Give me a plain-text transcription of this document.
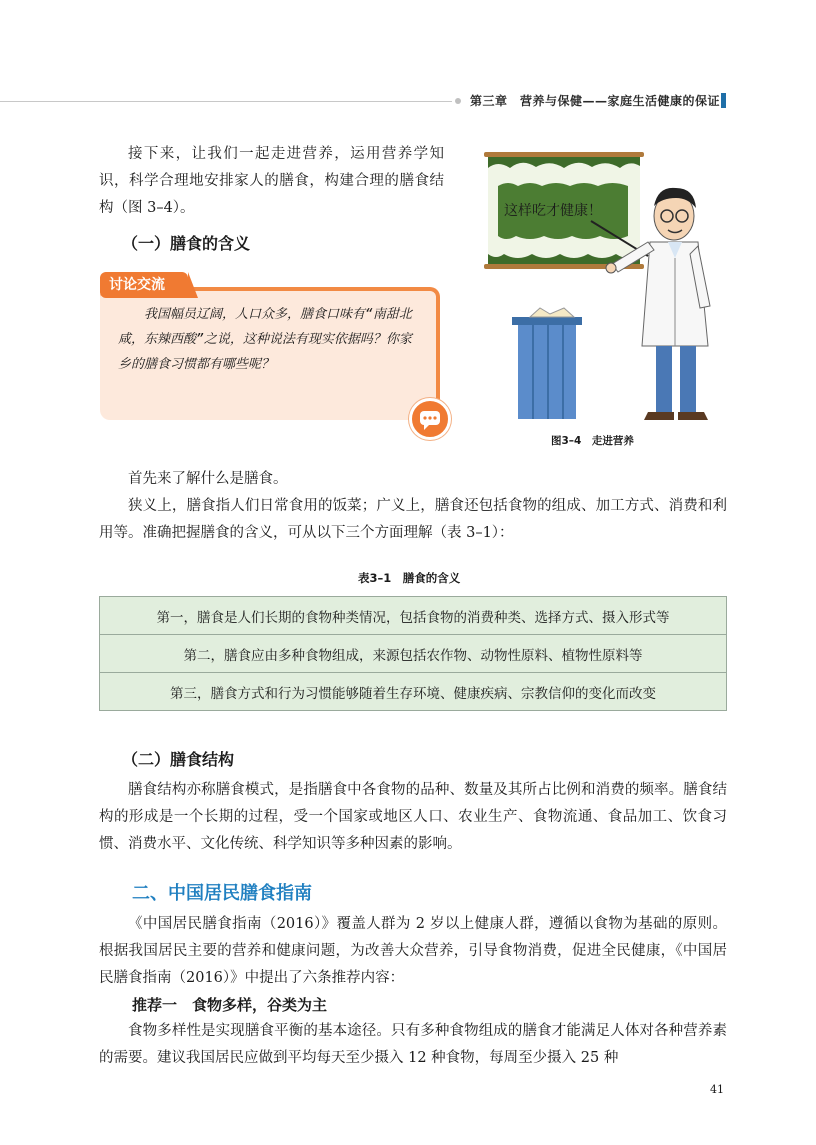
第三章　营养与保健——家庭生活健康的保证

接下来，让我们一起走进营养，运用营养学知识，科学合理地安排家人的膳食，构建合理的膳食结构（图 3–4）。

（一）膳食的含义
讨论交流

我国幅员辽阔，人口众多，膳食口味有“南甜北咸，东辣西酸”之说，这种说法有现实依据吗？你家乡的膳食习惯都有哪些呢？

这样吃才健康！
图3–4　走进营养

首先来了解什么是膳食。

狭义上，膳食指人们日常食用的饭菜；广义上，膳食还包括食物的组成、加工方式、消费和利用等。准确把握膳食的含义，可从以下三个方面理解（表 3–1）：

表3–1　膳食的含义
第一，膳食是人们长期的食物种类情况，包括食物的消费种类、选择方式、摄入形式等
第二，膳食应由多种食物组成，来源包括农作物、动物性原料、植物性原料等
第三，膳食方式和行为习惯能够随着生存环境、健康疾病、宗教信仰的变化而改变
（二）膳食结构

膳食结构亦称膳食模式，是指膳食中各食物的品种、数量及其所占比例和消费的频率。膳食结构的形成是一个长期的过程，受一个国家或地区人口、农业生产、食物流通、食品加工、饮食习惯、消费水平、文化传统、科学知识等多种因素的影响。

二、中国居民膳食指南

《中国居民膳食指南（2016）》覆盖人群为 2 岁以上健康人群，遵循以食物为基础的原则。根据我国居民主要的营养和健康问题，为改善大众营养，引导食物消费，促进全民健康，《中国居民膳食指南（2016）》中提出了六条推荐内容：

推荐一　食物多样，谷类为主

食物多样性是实现膳食平衡的基本途径。只有多种食物组成的膳食才能满足人体对各种营养素的需要。建议我国居民应做到平均每天至少摄入 12 种食物，每周至少摄入 25 种

41
